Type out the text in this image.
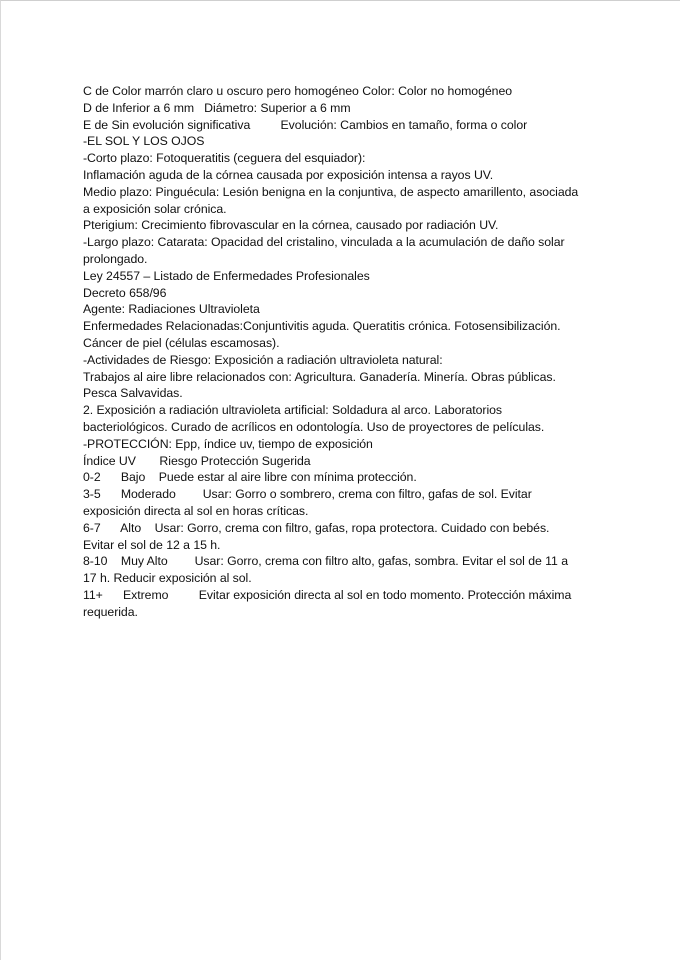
C de Color marrón claro u oscuro pero homogéneo Color: Color no homogéneo

D de Inferior a 6 mm   Diámetro: Superior a 6 mm

E de Sin evolución significativa         Evolución: Cambios en tamaño, forma o color

-EL SOL Y LOS OJOS

-Corto plazo: Fotoqueratitis (ceguera del esquiador):

Inflamación aguda de la córnea causada por exposición intensa a rayos UV.

Medio plazo: Pinguécula: Lesión benigna en la conjuntiva, de aspecto amarillento, asociada

a exposición solar crónica.

Pterigium: Crecimiento fibrovascular en la córnea, causado por radiación UV.

-Largo plazo: Catarata: Opacidad del cristalino, vinculada a la acumulación de daño solar

prolongado.

Ley 24557 – Listado de Enfermedades Profesionales

Decreto 658/96

Agente: Radiaciones Ultravioleta

Enfermedades Relacionadas:Conjuntivitis aguda. Queratitis crónica. Fotosensibilización.

Cáncer de piel (células escamosas).

-Actividades de Riesgo: Exposición a radiación ultravioleta natural:

Trabajos al aire libre relacionados con: Agricultura. Ganadería. Minería. Obras públicas.

Pesca Salvavidas.

2. Exposición a radiación ultravioleta artificial: Soldadura al arco. Laboratorios

bacteriológicos. Curado de acrílicos en odontología. Uso de proyectores de películas.

-PROTECCIÓN: Epp, índice uv, tiempo de exposición

Índice UV       Riesgo Protección Sugerida

0-2      Bajo    Puede estar al aire libre con mínima protección.

3-5      Moderado        Usar: Gorro o sombrero, crema con filtro, gafas de sol. Evitar

exposición directa al sol en horas críticas.

6-7      Alto    Usar: Gorro, crema con filtro, gafas, ropa protectora. Cuidado con bebés.

Evitar el sol de 12 a 15 h.

8-10    Muy Alto        Usar: Gorro, crema con filtro alto, gafas, sombra. Evitar el sol de 11 a

17 h. Reducir exposición al sol.

11+      Extremo         Evitar exposición directa al sol en todo momento. Protección máxima

requerida.
